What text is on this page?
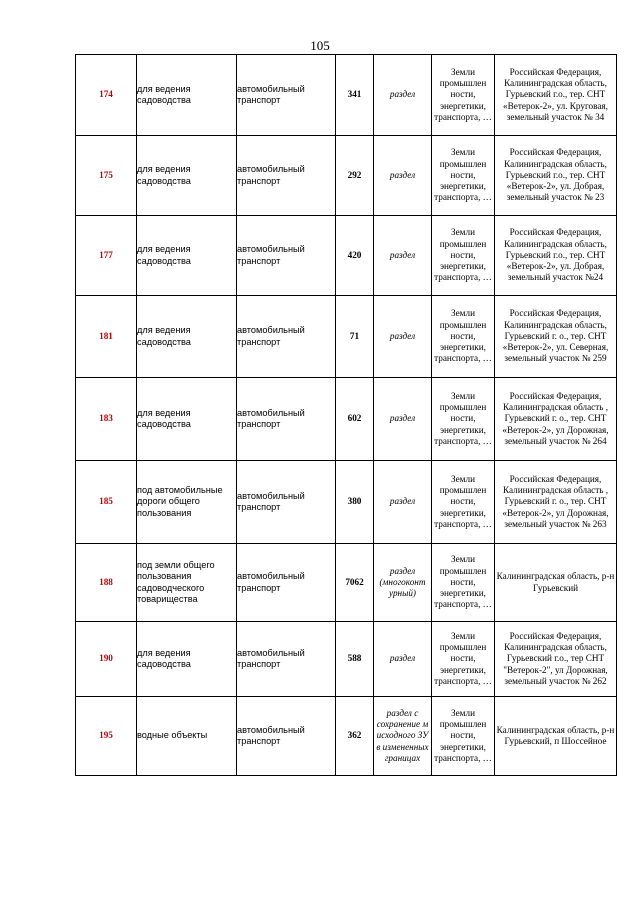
105
174	для ведения садоводства	автомобильный транспорт	341	раздел	Земли промышлен ности, энергетики, транспорта, …	Российская Федерация, Калининградская область, Гурьевский г.о., тер. СНТ «Ветерок-2», ул. Круговая, земельный участок № 34
175	для ведения садоводства	автомобильный транспорт	292	раздел	Земли промышлен ности, энергетики, транспорта, …	Российская Федерация, Калининградская область, Гурьевский г.о., тер. СНТ «Ветерок-2», ул. Добрая, земельный участок № 23
177	для ведения садоводства	автомобильный транспорт	420	раздел	Земли промышлен ности, энергетики, транспорта, …	Российская Федерация, Калининградская область, Гурьевский г.о., тер. СНТ «Ветерок-2», ул. Добрая, земельный участок №24
181	для ведения садоводства	автомобильный транспорт	71	раздел	Земли промышлен ности, энергетики, транспорта, …	Российская Федерация, Калининградская область, Гурьевский г. о., тер. СНТ «Ветерок-2», ул. Северная, земельный участок № 259
183	для ведения садоводства	автомобильный транспорт	602	раздел	Земли промышлен ности, энергетики, транспорта, …	Российская Федерация, Калининградская область , Гурьевский г. о., тер. СНТ «Ветерок-2», ул Дорожная, земельный участок № 264
185	под автомобильные дороги общего пользования	автомобильный транспорт	380	раздел	Земли промышлен ности, энергетики, транспорта, …	Российская Федерация, Калининградская область , Гурьевский г. о., тер. СНТ «Ветерок-2», ул Дорожная, земельный участок № 263
188	под земли общего пользования садоводческого товарищества	автомобильный транспорт	7062	раздел (многоконт урный)	Земли промышлен ности, энергетики, транспорта, …	Калининградская область, р-н Гурьевский
190	для ведения садоводства	автомобильный транспорт	588	раздел	Земли промышлен ности, энергетики, транспорта, …	Российская Федерация, Калининградская область, Гурьевский г.о., тер СНТ "Ветерок-2", ул Дорожная, земельный участок № 262
195	водные объекты	автомобильный транспорт	362	раздел с сохранение м исходного ЗУ в измененных границах	Земли промышлен ности, энергетики, транспорта, …	Калининградская область, р-н Гурьевский, п Шоссейное
